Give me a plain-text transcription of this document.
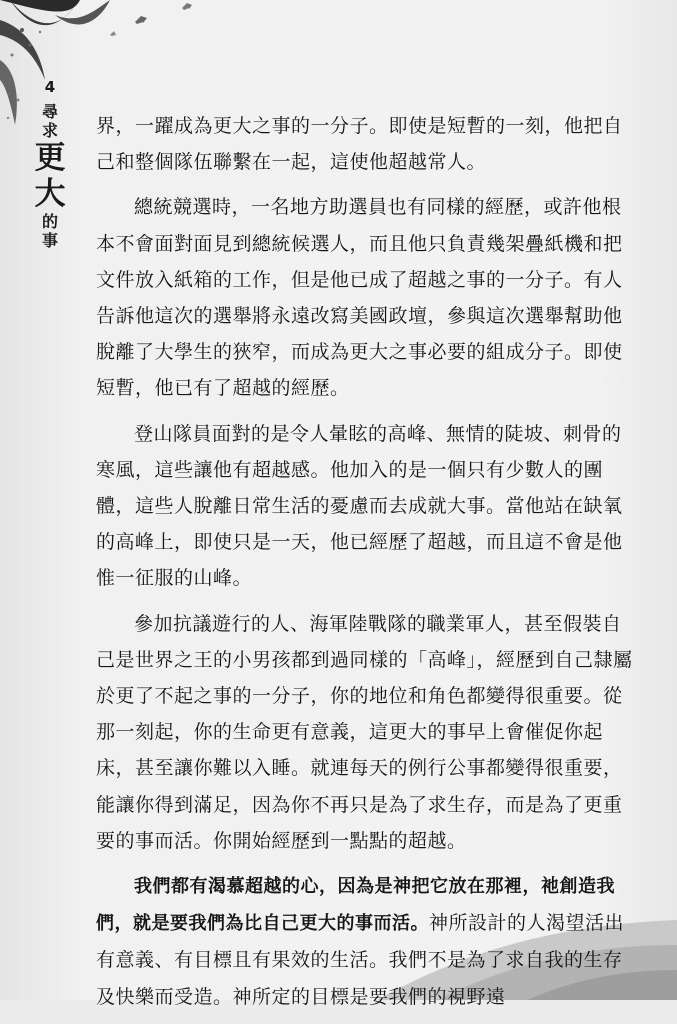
4
尋
求
更
大
的
事

界，一躍成為更大之事的一分子。即使是短暫的一刻，他把自己和整個隊伍聯繫在一起，這使他超越常人。

總統競選時，一名地方助選員也有同樣的經歷，或許他根本不會面對面見到總統候選人，而且他只負責幾架疊紙機和把文件放入紙箱的工作，但是他已成了超越之事的一分子。有人告訴他這次的選舉將永遠改寫美國政壇，參與這次選舉幫助他脫離了大學生的狹窄，而成為更大之事必要的組成分子。即使短暫，他已有了超越的經歷。

登山隊員面對的是令人暈眩的高峰、無情的陡坡、刺骨的寒風，這些讓他有超越感。他加入的是一個只有少數人的團體，這些人脫離日常生活的憂慮而去成就大事。當他站在缺氧的高峰上，即使只是一天，他已經歷了超越，而且這不會是他惟一征服的山峰。

參加抗議遊行的人、海軍陸戰隊的職業軍人，甚至假裝自己是世界之王的小男孩都到過同樣的「高峰」，經歷到自己隸屬於更了不起之事的一分子，你的地位和角色都變得很重要。從那一刻起，你的生命更有意義，這更大的事早上會催促你起床，甚至讓你難以入睡。就連每天的例行公事都變得很重要，能讓你得到滿足，因為你不再只是為了求生存，而是為了更重要的事而活。你開始經歷到一點點的超越。

我們都有渴慕超越的心，因為是神把它放在那裡，祂創造我們，就是要我們為比自己更大的事而活。神所設計的人渴望活出有意義、有目標且有果效的生活。我們不是為了求自我的生存及快樂而受造。神所定的目標是要我們的視野遠
